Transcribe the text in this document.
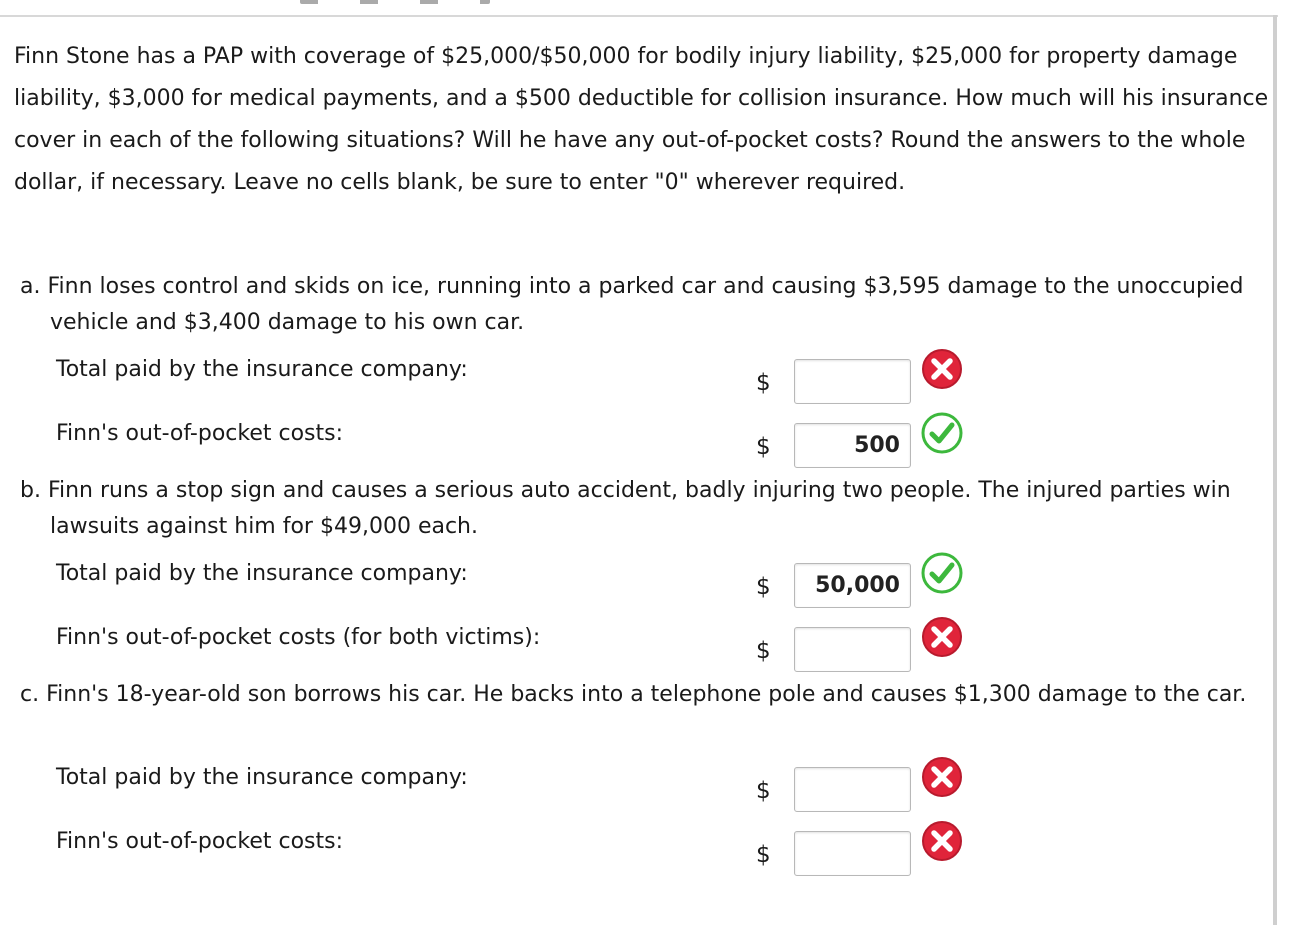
Finn Stone has a PAP with coverage of $25,000/$50,000 for bodily injury liability, $25,000 for property damage liability, $3,000 for medical payments, and a $500 deductible for collision insurance. How much will his insurance cover in each of the following situations? Will he have any out-of-pocket costs? Round the answers to the whole dollar, if necessary. Leave no cells blank, be sure to enter "0" wherever required.

a. Finn loses control and skids on ice, running into a parked car and causing $3,595 damage to the unoccupied vehicle and $3,400 damage to his own car.

Total paid by the insurance company:
$
Finn's out-of-pocket costs:
$
500

b. Finn runs a stop sign and causes a serious auto accident, badly injuring two people. The injured parties win lawsuits against him for $49,000 each.

Total paid by the insurance company:
$
50,000
Finn's out-of-pocket costs (for both victims):
$

c. Finn's 18-year-old son borrows his car. He backs into a telephone pole and causes $1,300 damage to the car.

Total paid by the insurance company:
$
Finn's out-of-pocket costs:
$
